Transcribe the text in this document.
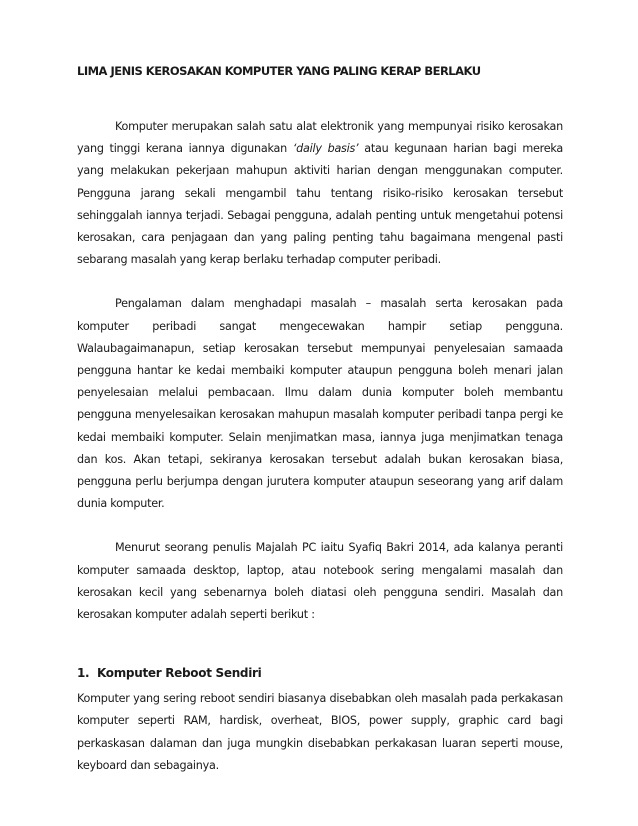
LIMA JENIS KEROSAKAN KOMPUTER YANG PALING KERAP BERLAKU

Komputer merupakan salah satu alat elektronik yang mempunyai risiko kerosakan yang tinggi kerana iannya digunakan ‘daily basis’ atau kegunaan harian bagi mereka yang melakukan pekerjaan mahupun aktiviti harian dengan menggunakan computer. Pengguna jarang sekali mengambil tahu tentang risiko-risiko kerosakan tersebut sehinggalah iannya terjadi. Sebagai pengguna, adalah penting untuk mengetahui potensi kerosakan, cara penjagaan dan yang paling penting tahu bagaimana mengenal pasti sebarang masalah yang kerap berlaku terhadap computer peribadi.

Pengalaman dalam menghadapi masalah – masalah serta kerosakan pada komputer peribadi sangat mengecewakan hampir setiap pengguna. Walaubagaimanapun, setiap kerosakan tersebut mempunyai penyelesaian samaada pengguna hantar ke kedai membaiki komputer ataupun pengguna boleh menari jalan penyelesaian melalui pembacaan. Ilmu dalam dunia komputer boleh membantu pengguna menyelesaikan kerosakan mahupun masalah komputer peribadi tanpa pergi ke kedai membaiki komputer. Selain menjimatkan masa, iannya juga menjimatkan tenaga dan kos. Akan tetapi, sekiranya kerosakan tersebut adalah bukan kerosakan biasa, pengguna perlu berjumpa dengan jurutera komputer ataupun seseorang yang arif dalam dunia komputer.

Menurut seorang penulis Majalah PC iaitu Syafiq Bakri 2014, ada kalanya peranti komputer samaada desktop, laptop, atau notebook sering mengalami masalah dan kerosakan kecil yang sebenarnya boleh diatasi oleh pengguna sendiri. Masalah dan kerosakan komputer adalah seperti berikut :

1. Komputer Reboot Sendiri

Komputer yang sering reboot sendiri biasanya disebabkan oleh masalah pada perkakasan komputer seperti RAM, hardisk, overheat, BIOS, power supply, graphic card bagi perkaskasan dalaman dan juga mungkin disebabkan perkakasan luaran seperti mouse, keyboard dan sebagainya.
